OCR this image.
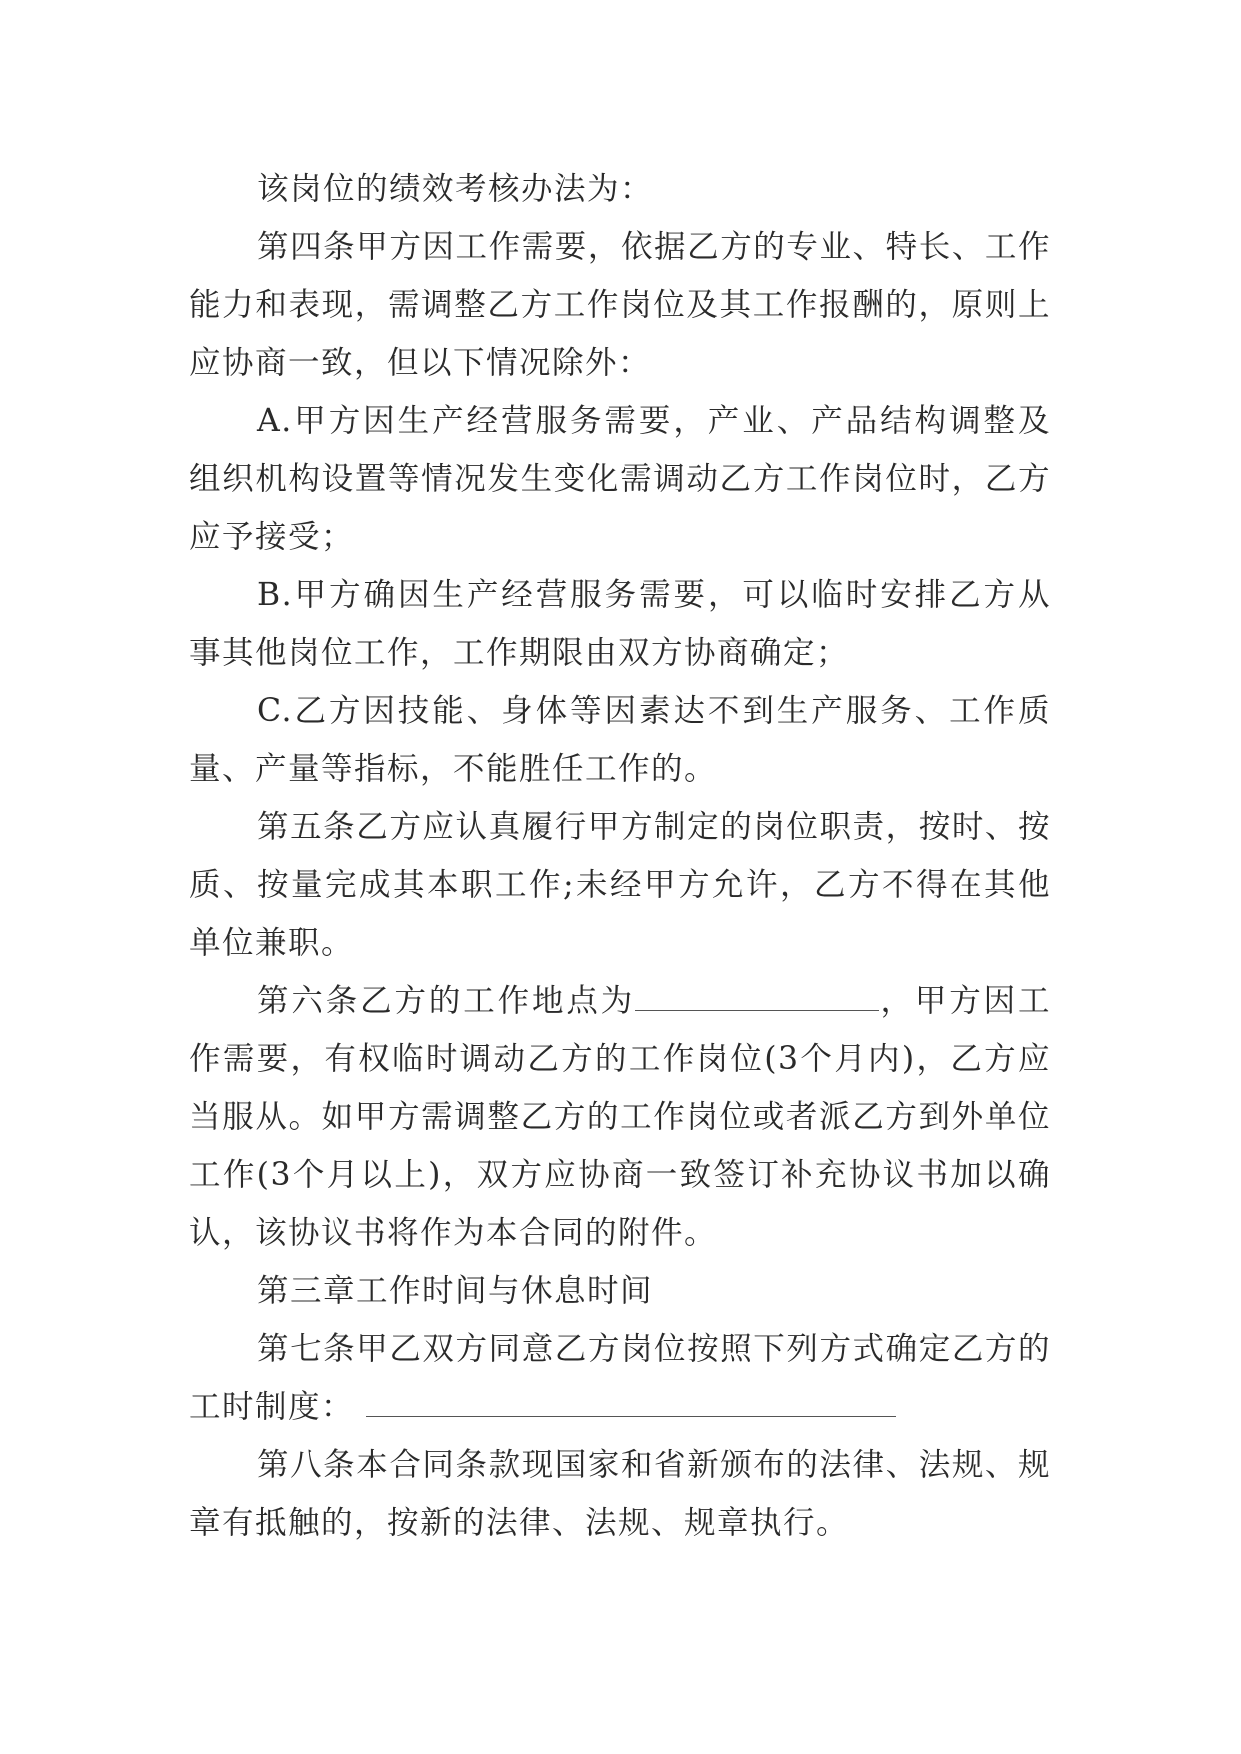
该岗位的绩效考核办法为：

第四条甲方因工作需要，依据乙方的专业、特长、工作能力和表现，需调整乙方工作岗位及其工作报酬的，原则上应协商一致，但以下情况除外：

A.甲方因生产经营服务需要，产业、产品结构调整及组织机构设置等情况发生变化需调动乙方工作岗位时，乙方应予接受；

B.甲方确因生产经营服务需要，可以临时安排乙方从事其他岗位工作，工作期限由双方协商确定；

C.乙方因技能、身体等因素达不到生产服务、工作质量、产量等指标，不能胜任工作的。

第五条乙方应认真履行甲方制定的岗位职责，按时、按质、按量完成其本职工作;未经甲方允许，乙方不得在其他单位兼职。

第六条乙方的工作地点为	，甲方因工作需要，有权临时调动乙方的工作岗位(3个月内)，乙方应当服从。如甲方需调整乙方的工作岗位或者派乙方到外单位工作(3个月以上)，双方应协商一致签订补充协议书加以确认，该协议书将作为本合同的附件。

第三章工作时间与休息时间

第七条甲乙双方同意乙方岗位按照下列方式确定乙方的工时制度：

第八条本合同条款现国家和省新颁布的法律、法规、规章有抵触的，按新的法律、法规、规章执行。
